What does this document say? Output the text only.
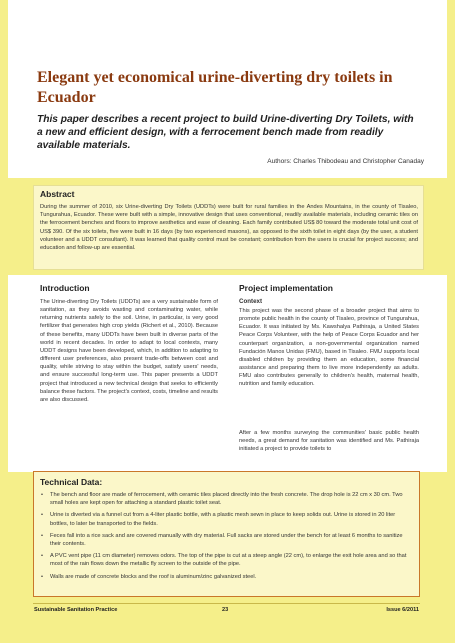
Elegant yet economical urine-diverting dry toilets in Ecuador

This paper describes a recent project to build Urine-diverting Dry Toilets, with a new and efficient design, with a ferrocement bench made from readily available materials.

Authors: Charles Thibodeau and Christopher Canaday

Abstract

During the summer of 2010, six Urine-diverting Dry Toilets (UDDTs) were built for rural families in the Andes Mountains, in the county of Tisaleo, Tungurahua, Ecuador. These were built with a simple, innovative design that uses conventional, readily available materials, including ceramic tiles on the ferrocement benches and floors to improve aesthetics and ease of cleaning. Each family contributed US$ 80 toward the moderate total unit cost of US$ 390. Of the six toilets, five were built in 16 days (by two experienced masons), as opposed to the sixth toilet in eight days (by the user, a student volunteer and a UDDT consultant). It was learned that quality control must be constant; contribution from the users is crucial for project success; and education and follow-up are essential.

Introduction

The Urine-diverting Dry Toilets (UDDTs) are a very sustainable form of sanitation, as they avoids wasting and contaminating water, while returning nutrients safely to the soil. Urine, in particular, is very good fertilizer that generates high crop yields (Richert et al., 2010). Because of these benefits, many UDDTs have been built in diverse parts of the world in recent decades. In order to adapt to local contexts, many UDDT designs have been developed, which, in addition to adapting to different user preferences, also present trade-offs between cost and quality, while striving to stay within the budget, satisfy users' needs, and ensure successful long-term use. This paper presents a UDDT project that introduced a new technical design that seeks to efficiently balance these factors. The project's context, costs, timeline and results are also discussed.

Project implementation
Context

This project was the second phase of a broader project that aims to promote public health in the county of Tisaleo, province of Tungurahua, Ecuador. It was initiated by Ms. Kawshalya Pathiraja, a United States Peace Corps Volunteer, with the help of Peace Corps Ecuador and her counterpart organization, a non-governmental organization named Fundación Manos Unidas (FMU), based in Tisaleo. FMU supports local disabled children by providing them an education, some financial assistance and preparing them to live more independently as adults. FMU also contributes generally to children's health, maternal health, nutrition and family education.

After a few months surveying the communities' basic public health needs, a great demand for sanitation was identified and Ms. Pathiraja initiated a project to provide toilets to

Technical Data:
• The bench and floor are made of ferrocement, with ceramic tiles placed directly into the fresh concrete. The drop hole is 22 cm x 30 cm. Two small holes are kept open for attaching a standard plastic toilet seat.
• Urine is diverted via a funnel cut from a 4-liter plastic bottle, with a plastic mesh sewn in place to keep solids out. Urine is stored in 20 liter bottles, to later be transported to the fields.
• Feces fall into a rice sack and are covered manually with dry material. Full sacks are stored under the bench for at least 6 months to sanitize their contents.
• A PVC vent pipe (11 cm diameter) removes odors. The top of the pipe is cut at a steep angle (22 cm), to enlarge the exit hole area and so that most of the rain flows down the metallic fly screen to the outside of the pipe.
• Walls are made of concrete blocks and the roof is aluminum/zinc galvanized steel.
Sustainable Sanitation Practice	23	Issue 6/2011
